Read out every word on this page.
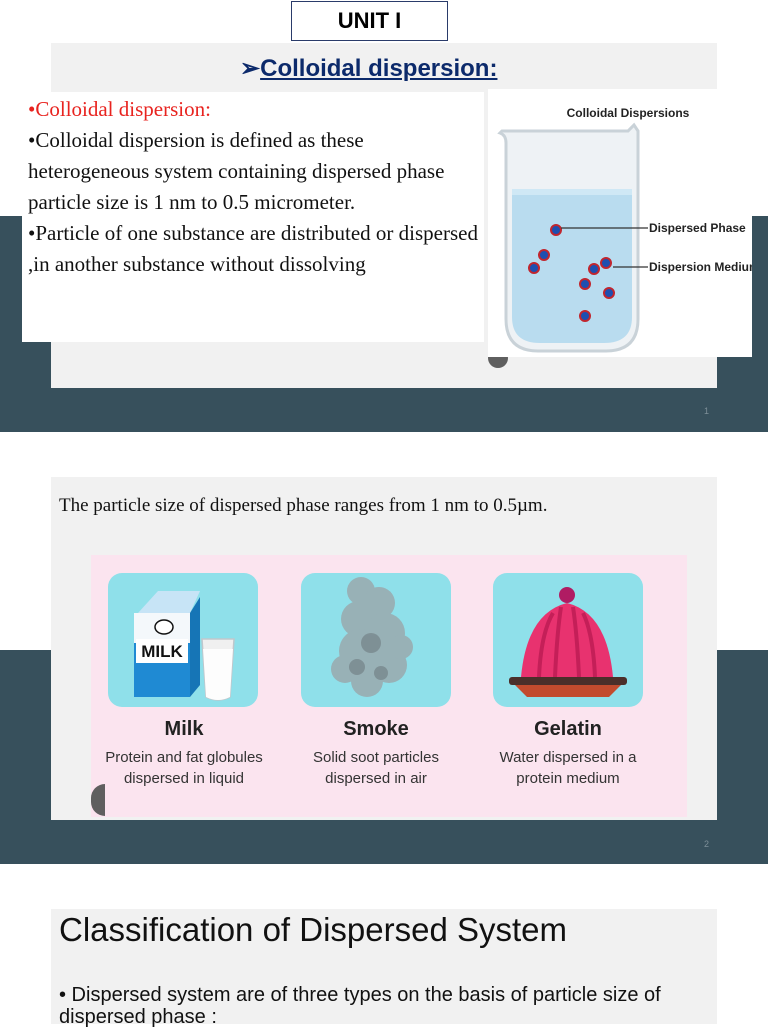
UNIT I
➢Colloidal dispersion:

•Colloidal dispersion:

•Colloidal dispersion is defined as these heterogeneous system containing dispersed phase particle size is 1 nm to 0.5 micrometer.

•Particle of one substance are distributed or dispersed ,in another substance without dissolving

Colloidal Dispersions
Dispersed Phase
Dispersion Medium
1
The particle size of dispersed phase ranges from 1 nm to 0.5µm.
MILK
Milk
Protein and fat globules dispersed in liquid
Smoke
Solid soot particles dispersed in air
Gelatin
Water dispersed in a protein medium
2
Classification of Dispersed System
• Dispersed system are of three types on the basis of particle size of dispersed phase :
